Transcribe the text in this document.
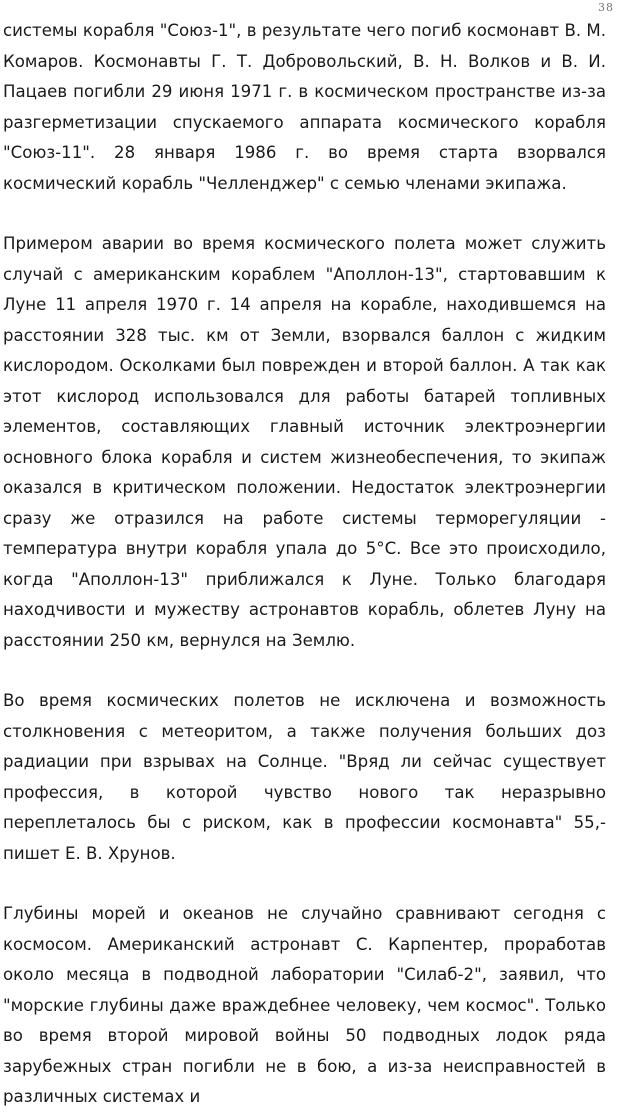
38

системы корабля "Союз-1", в результате чего погиб космонавт В. М. Комаров. Космонавты Г. Т. Добровольский, В. Н. Волков и В. И. Пацаев погибли 29 июня 1971 г. в космическом пространстве из-за разгерметизации спускаемого аппарата космического корабля "Союз-11". 28 января 1986 г. во время старта взорвался космический корабль "Челленджер" с семью членами экипажа.

Примером аварии во время космического полета может служить случай с американским кораблем "Аполлон-13", стартовавшим к Луне 11 апреля 1970 г. 14 апреля на корабле, находившемся на расстоянии 328 тыс. км от Земли, взорвался баллон с жидким кислородом. Осколками был поврежден и второй баллон. А так как этот кислород использовался для работы батарей топливных элементов, составляющих главный источник электроэнергии основного блока корабля и систем жизнеобеспечения, то экипаж оказался в критическом положении. Недостаток электроэнергии сразу же отразился на работе системы терморегуляции - температура внутри корабля упала до 5°С. Все это происходило, когда "Аполлон-13" приближался к Луне. Только благодаря находчивости и мужеству астронавтов корабль, облетев Луну на расстоянии 250 км, вернулся на Землю.

Во время космических полетов не исключена и возможность столкновения с метеоритом, а также получения больших доз радиации при взрывах на Солнце. "Вряд ли сейчас существует профессия, в которой чувство нового так неразрывно переплеталось бы с риском, как в профессии космонавта" 55,- пишет Е. В. Хрунов.

Глубины морей и океанов не случайно сравнивают сегодня с космосом. Американский астронавт С. Карпентер, проработав около месяца в подводной лаборатории "Силаб-2", заявил, что "морские глубины даже враждебнее человеку, чем космос". Только во время второй мировой войны 50 подводных лодок ряда зарубежных стран погибли не в бою, а из-за неисправностей в различных системах и
